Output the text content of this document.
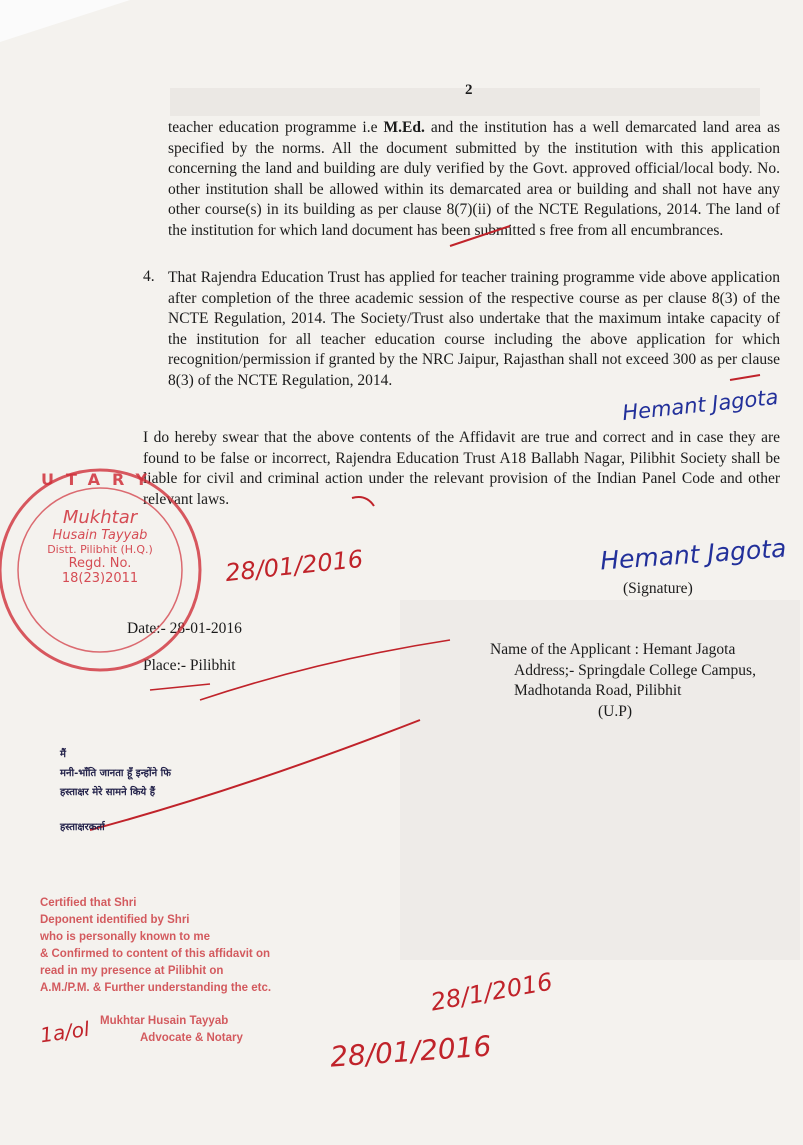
2

teacher education programme i.e M.Ed. and the institution has a well demarcated land area as specified by the norms. All the document submitted by the institution with this application concerning the land and building are duly verified by the Govt. approved official/local body. No. other institution shall be allowed within its demarcated area or building and shall not have any other course(s) in its building as per clause 8(7)(ii) of the NCTE Regulations, 2014. The land of the institution for which land document has been submitted s free from all encumbrances.

4. That Rajendra Education Trust has applied for teacher training programme vide above application after completion of the three academic session of the respective course as per clause 8(3) of the NCTE Regulation, 2014. The Society/Trust also undertake that the maximum intake capacity of the institution for all teacher education course including the above application for which recognition/permission if granted by the NRC Jaipur, Rajasthan shall not exceed 300 as per clause 8(3) of the NCTE Regulation, 2014.

I do hereby swear that the above contents of the Affidavit are true and correct and in case they are found to be false or incorrect, Rajendra Education Trust A18 Ballabh Nagar, Pilibhit Society shall be liable for civil and criminal action under the relevant provision of the Indian Panel Code and other relevant laws.

(Signature)
Date:- 28-01-2016
Place:- Pilibhit
Name of the Applicant : Hemant Jagota

Address;- Springdale College Campus,
Madhotanda Road, Pilibhit
(U.P)
Hemant Jagota
Hemant Jagota
28/01/2016
28/1/2016
28/01/2016
1a/ol
UTARY
Mukhtar
Husain Tayyab
Distt. Pilibhit (H.Q.)
Regd. No.
18(23)2011
मैं
मनी-भाँति जानता हूँ इन्होंने फि
हस्ताक्षर मेरे सामने किये हैं
हस्ताक्षरकर्ता
Certified that Shri
Deponent identified by Shri
who is personally known to me
& Confirmed to content of this affidavit on
read in my presence at Pilibhit on
A.M./P.M. & Further understanding the etc.
Mukhtar Husain Tayyab
Advocate & Notary
